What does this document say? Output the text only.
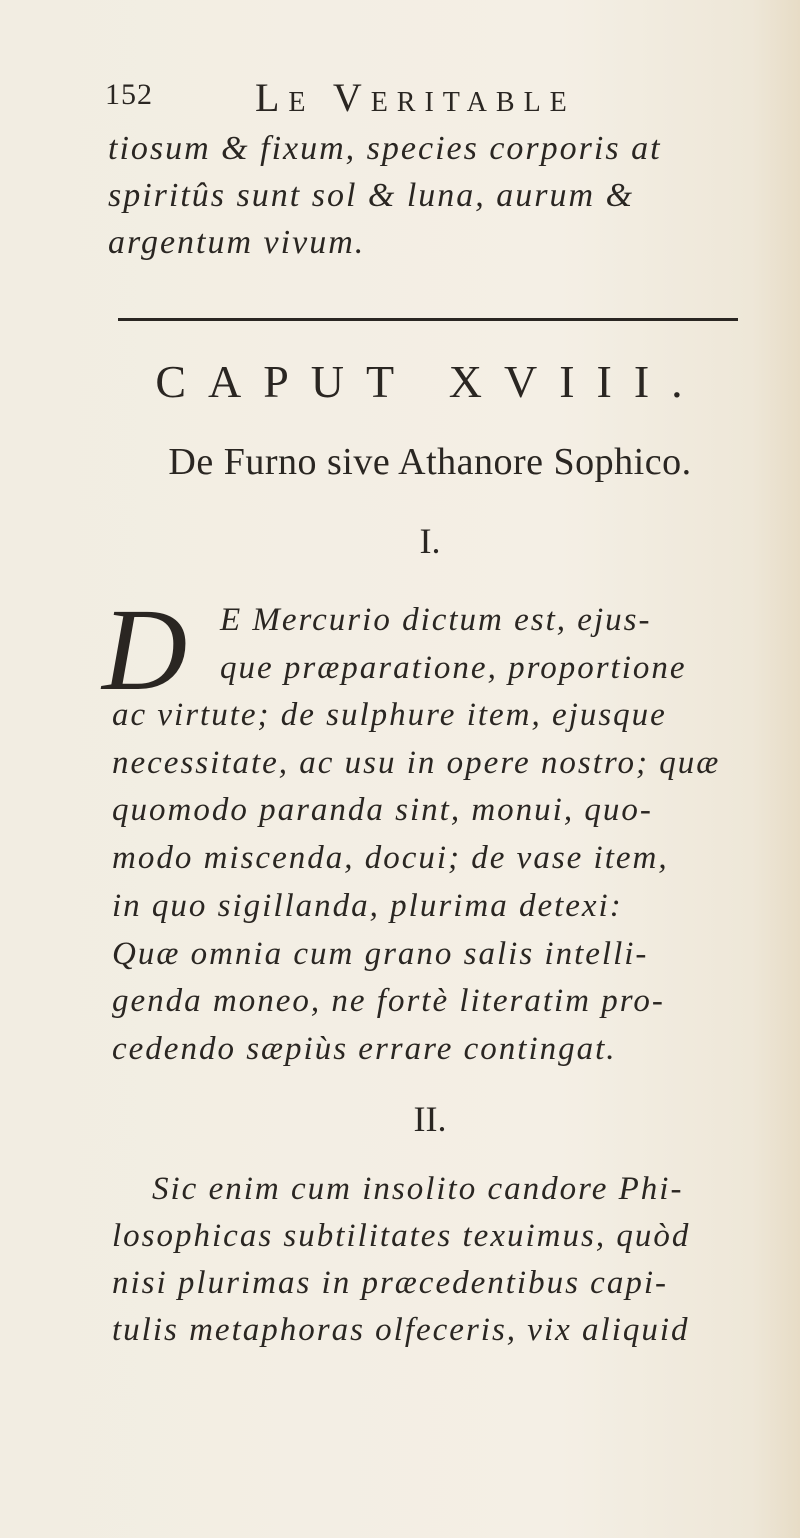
152	Le Veritable
tiosum & fixum, species corporis at
spiritûs sunt sol & luna, aurum &
argentum vivum.
CAPUT XVIII.
De Furno sive Athanore Sophico.
I.
D E Mercurio dictum est, ejus-
que præparatione, proportione
ac virtute; de sulphure item, ejusque
necessitate, ac usu in opere nostro; quæ
quomodo paranda sint, monui, quo-
modo miscenda, docui; de vase item,
in quo sigillanda, plurima detexi:
Quæ omnia cum grano salis intelli-
genda moneo, ne fortè literatim pro-
cedendo sæpiùs errare contingat.
II.
Sic enim cum insolito candore Phi-
losophicas subtilitates texuimus, quòd
nisi plurimas in præcedentibus capi-
tulis metaphoras olfeceris, vix aliquid
